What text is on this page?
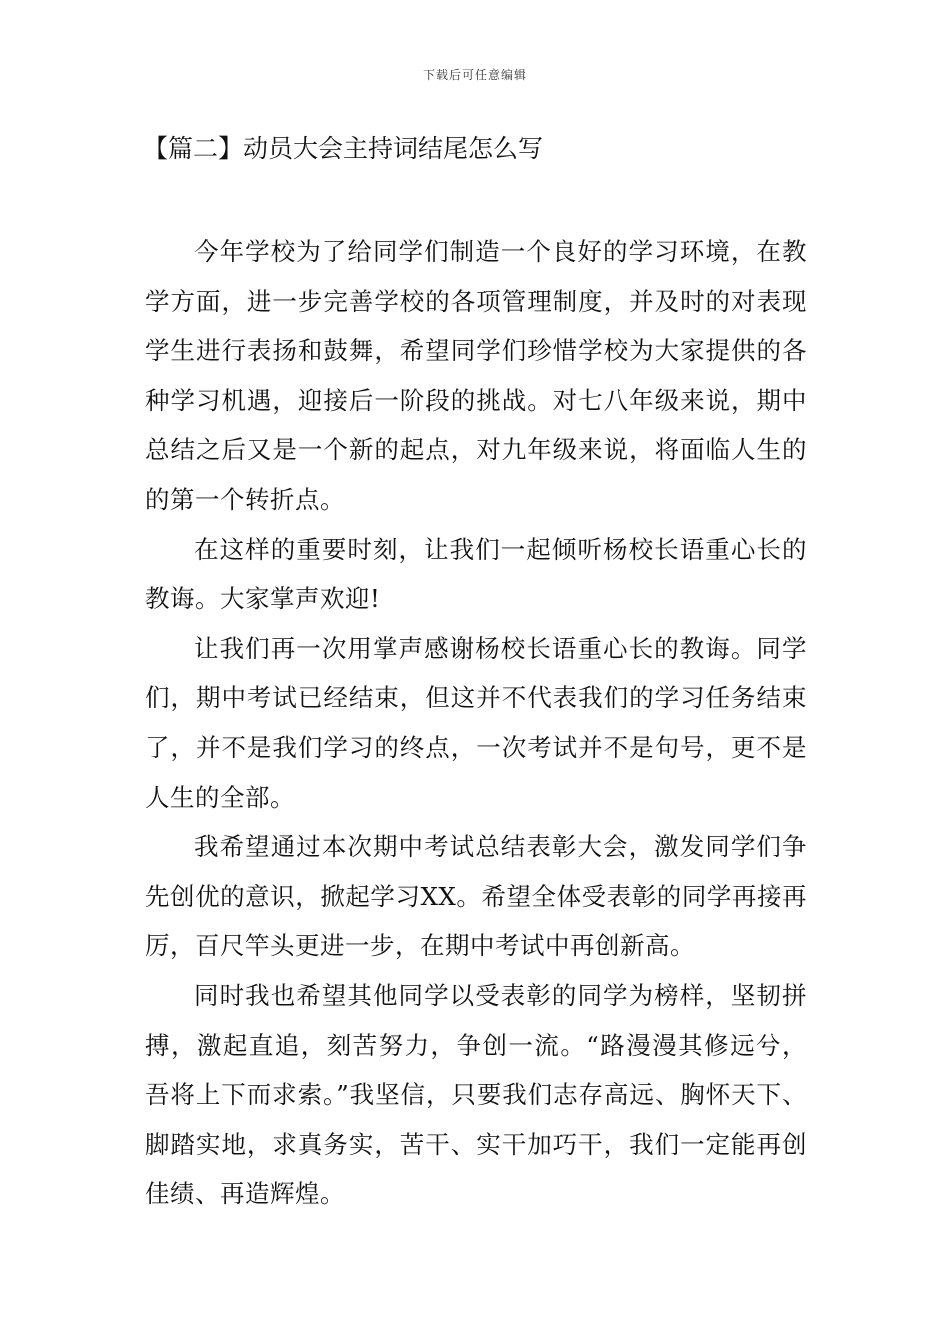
下载后可任意编辑
【篇二】动员大会主持词结尾怎么写

今年学校为了给同学们制造一个良好的学习环境，在教学方面，进一步完善学校的各项管理制度，并及时的对表现学生进行表扬和鼓舞，希望同学们珍惜学校为大家提供的各种学习机遇，迎接后一阶段的挑战。对七八年级来说，期中总结之后又是一个新的起点，对九年级来说，将面临人生的的第一个转折点。

在这样的重要时刻，让我们一起倾听杨校长语重心长的教诲。大家掌声欢迎!

让我们再一次用掌声感谢杨校长语重心长的教诲。同学们，期中考试已经结束，但这并不代表我们的学习任务结束了，并不是我们学习的终点，一次考试并不是句号，更不是人生的全部。

我希望通过本次期中考试总结表彰大会，激发同学们争先创优的意识，掀起学习XX。希望全体受表彰的同学再接再厉，百尺竿头更进一步，在期中考试中再创新高。

同时我也希望其他同学以受表彰的同学为榜样，坚韧拼搏，激起直追，刻苦努力，争创一流。“路漫漫其修远兮，吾将上下而求索。”我坚信，只要我们志存高远、胸怀天下、脚踏实地，求真务实，苦干、实干加巧干，我们一定能再创佳绩、再造辉煌。
